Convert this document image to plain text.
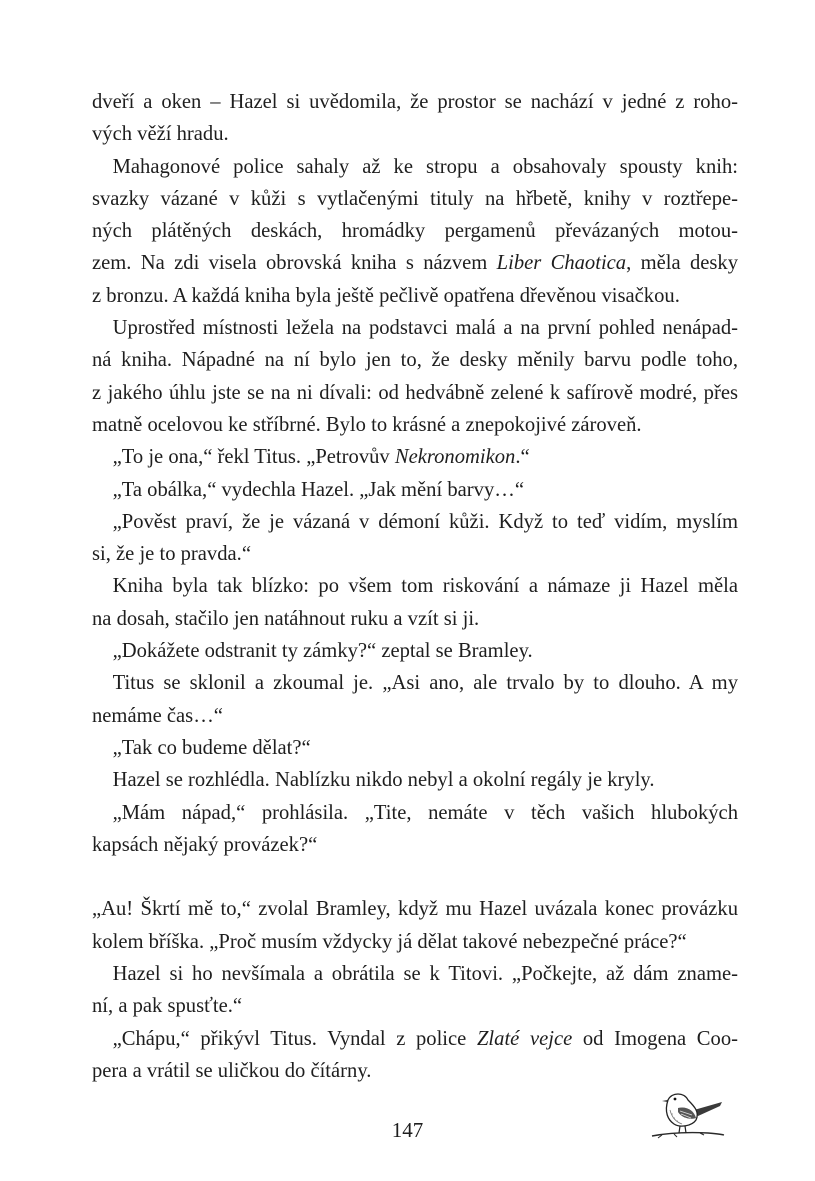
dveří a oken – Hazel si uvědomila, že prostor se nachází v jedné z roho-
vých věží hradu.

Mahagonové police sahaly až ke stropu a obsahovaly spousty knih:
svazky vázané v kůži s vytlačenými tituly na hřbetě, knihy v roztřepe-
ných plátěných deskách, hromádky pergamenů převázaných motou-
zem. Na zdi visela obrovská kniha s názvem Liber Chaotica, měla desky
z bronzu. A každá kniha byla ještě pečlivě opatřena dřevěnou visačkou.

Uprostřed místnosti ležela na podstavci malá a na první pohled nenápad-
ná kniha. Nápadné na ní bylo jen to, že desky měnily barvu podle toho,
z jakého úhlu jste se na ni dívali: od hedvábně zelené k safírově modré, přes
matně ocelovou ke stříbrné. Bylo to krásné a znepokojivé zároveň.

„To je ona,“ řekl Titus. „Petrovův Nekronomikon.“

„Ta obálka,“ vydechla Hazel. „Jak mění barvy…“

„Pověst praví, že je vázaná v démoní kůži. Když to teď vidím, myslím
si, že je to pravda.“

Kniha byla tak blízko: po všem tom riskování a námaze ji Hazel měla
na dosah, stačilo jen natáhnout ruku a vzít si ji.

„Dokážete odstranit ty zámky?“ zeptal se Bramley.

Titus se sklonil a zkoumal je. „Asi ano, ale trvalo by to dlouho. A my
nemáme čas…“

„Tak co budeme dělat?“

Hazel se rozhlédla. Nablízku nikdo nebyl a okolní regály je kryly.

„Mám nápad,“ prohlásila. „Tite, nemáte v těch vašich hlubokých
kapsách nějaký provázek?“

„Au! Škrtí mě to,“ zvolal Bramley, když mu Hazel uvázala konec provázku
kolem bříška. „Proč musím vždycky já dělat takové nebezpečné práce?“

Hazel si ho nevšímala a obrátila se k Titovi. „Počkejte, až dám zname-
ní, a pak spusťte.“

„Chápu,“ přikývl Titus. Vyndal z police Zlaté vejce od Imogena Coo-
pera a vrátil se uličkou do čítárny.

147
